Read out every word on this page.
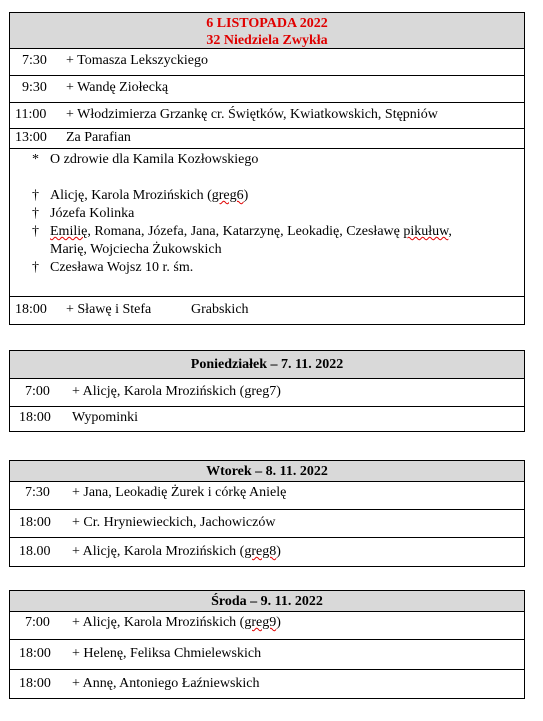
6 LISTOPADA 2022
32 Niedziela Zwykła
7:30 + Tomasza Lekszyckiego
9:30 + Wandę Ziołecką
11:00 + Włodzimierza Grzankę cr. Świętków, Kwiatkowskich, Stępniów
13:00 Za Parafian
* O zdrowie dla Kamila Kozłowskiego
† Alicję, Karola Mrozińskich (greg6)
† Józefa Kolinka
† Emilię, Romana, Józefa, Jana, Katarzynę, Leokadię, Czesławę pikułuw,
Marię, Wojciecha Żukowskich
† Czesława Wojsz 10 r. śm.
18:00 + Sławę i Stefa	Grabskich
Poniedziałek – 7. 11. 2022
7:00 + Alicję, Karola Mrozińskich (greg7)
18:00 Wypominki
Wtorek – 8. 11. 2022
7:30 + Jana, Leokadię Żurek i córkę Anielę
18:00 + Cr. Hryniewieckich, Jachowiczów
18.00 + Alicję, Karola Mrozińskich (greg8)
Środa – 9. 11. 2022
7:00 + Alicję, Karola Mrozińskich (greg9)
18:00 + Helenę, Feliksa Chmielewskich
18:00 + Annę, Antoniego Łaźniewskich
